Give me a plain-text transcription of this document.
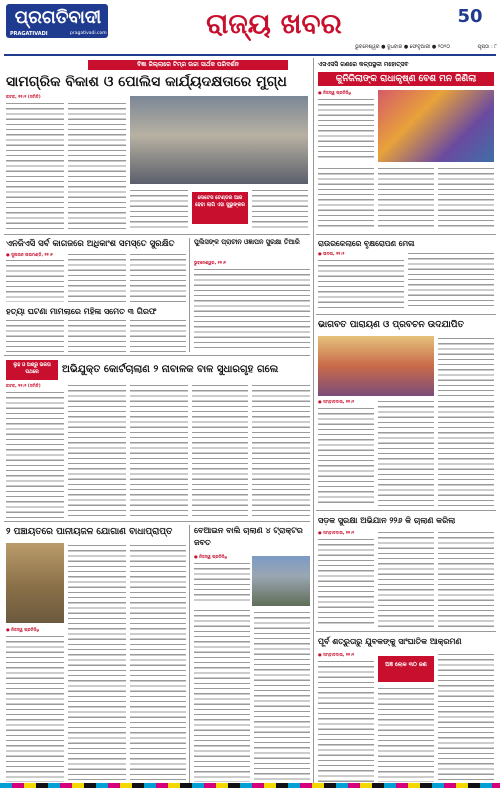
ପ୍ରଗତିବାଦୀ
PRAGATIVADI	pragativadi.com	ରାଜ୍ୟ ଖବର	50
ଭୁବନେଶ୍ୱର ● ବୁଧବାର ● ଫେବୃଆରୀ ● ୨୦୨୦	ପୃଷ୍ଠା : ୮
ବିଜ୍ଞା ଜିଲ୍ଲାରେ ଟିମ୍‌ର ଉଚ୍ଚା ସାର୍ଥକ ପରିଦର୍ଶନ
ସାମଗ୍ରିକ ବିକାଶ ଓ ପୋଲିସ କାର୍ଯ୍ୟଦକ୍ଷତାରେ ମୁଗ୍ଧ
କଟକ, ୧୧।୨ (ସମିତି)
ନୋଟେସ ଟେଣ୍ଡର ଆଜ ହେବା ଲାଗି ଏହା ସୁଭୁଙ୍କର
ଏନଜିଏସି ସର୍ବ କାଗଜରେ ଅଧିକାଂଶ ସମସ୍ତେ ସୁରକ୍ଷିତ
● ସୁଲତାନ ତାଳାମଣ୍ଡି, ୧୧।୨
ହତ୍ୟା ଘଟଣା ମାମଲାରେ ମହିଳା ସମେତ ୩ ଗିରଫ
ପୁଲିସଙ୍କ ପ୍ରାଚୀନ ଓଜ୍ଞାପନ ସୁରକ୍ଷା ତିଆରି
ଭୁବନେଶ୍ୱର, ୧୧।୨
ଲୁହ ଓ ଅଶ୍ରୁ ଭକତା ପଥରେ	ଅଭିଯୁକ୍ତ କୋର୍ଟଚାଲାଣ ୨ ନାବାଳକ ବାଳ ସୁଧାରଗୃହ ଗଲେ
କଟକ, ୧୧।୨ (ସମିତି)
୨ ପଞ୍ଚାୟତରେ ପାନୀୟଜଳ ଯୋଗାଣ ବାଧାପ୍ରାପ୍ତ
● ନିଜସ୍ୱ ପ୍ରତିନିଧି
ବେଆଇନ ବାଲି ଚାଲାଣ ୪ ଟ୍ରାକ୍ଟର ଜବତ
● ନିଜସ୍ୱ ପ୍ରତିନିଧି
ଏସଏସସି ଗଣରେ କଳ୍ପସ୍ଥଳୀ ମହୋତ୍ସବ
କୁନିଜିଲାଙ୍କ ରାଧାକୃଷ୍ଣ ବେଶ ମନ ଜିଣିଲା
● ନିଜସ୍ୱ ପ୍ରତିନିଧି
ରାଉରକେଲାରେ ବୃକ୍ଷରୋପଣ ମେଳା
● ଉଦଳା, ୧୧।୨
ଭାଗବତ ପାରାୟଣ ଓ ପ୍ରବଚନ ଉଦଯାପିତ
● ସମ୍ବାଦଦାତା, ୧୧।୨
ସଡ଼କ ସୁରକ୍ଷା ଅଭିଯାନ ୨୨୬ କି ଚାଲାଣ କରିଲା
● ସମ୍ବାଦଦାତା, ୧୧।୨
ପୂର୍ବ ଶତ୍ରୁତାରୁ ଯୁବକଙ୍କୁ ସାଂଘାତିକ ଆକ୍ରମଣ
● ସମ୍ବାଦଦାତା, ୧୧।୨
ଅଜ୍ଞ ଲୋକ ୩୦ ଜଣ
